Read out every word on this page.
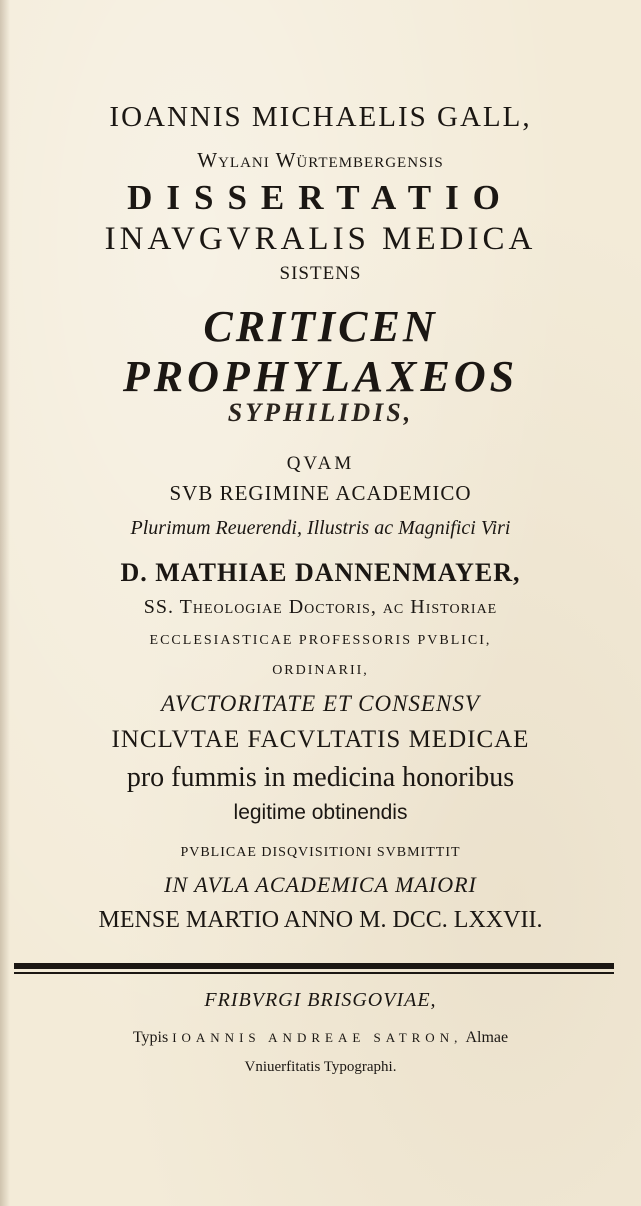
IOANNIS MICHAELIS GALL,
Wylani Würtembergensis
DISSERTATIO
INAVGVRALIS MEDICA
SISTENS
CRITICEN
PROPHYLAXEOS
SYPHILIDIS,
QVAM
SVB REGIMINE ACADEMICO
Plurimum Reuerendi, Illustris ac Magnifici Viri
D. MATHIAE DANNENMAYER,
SS. Theologiae Doctoris, ac Historiae
ECCLESIASTICAE PROFESSORIS PVBLICI,
ORDINARII,
AVCTORITATE ET CONSENSV
INCLVTAE FACVLTATIS MEDICAE
pro fummis in medicina honoribus
legitime obtinendis
PVBLICAE DISQVISITIONI SVBMITTIT
IN AVLA ACADEMICA MAIORI
MENSE MARTIO ANNO M. DCC. LXXVII.
FRIBVRGI BRISGOVIAE,
Typis IOANNIS ANDREAE SATRON, Almae
Vniuerfitatis Typographi.
